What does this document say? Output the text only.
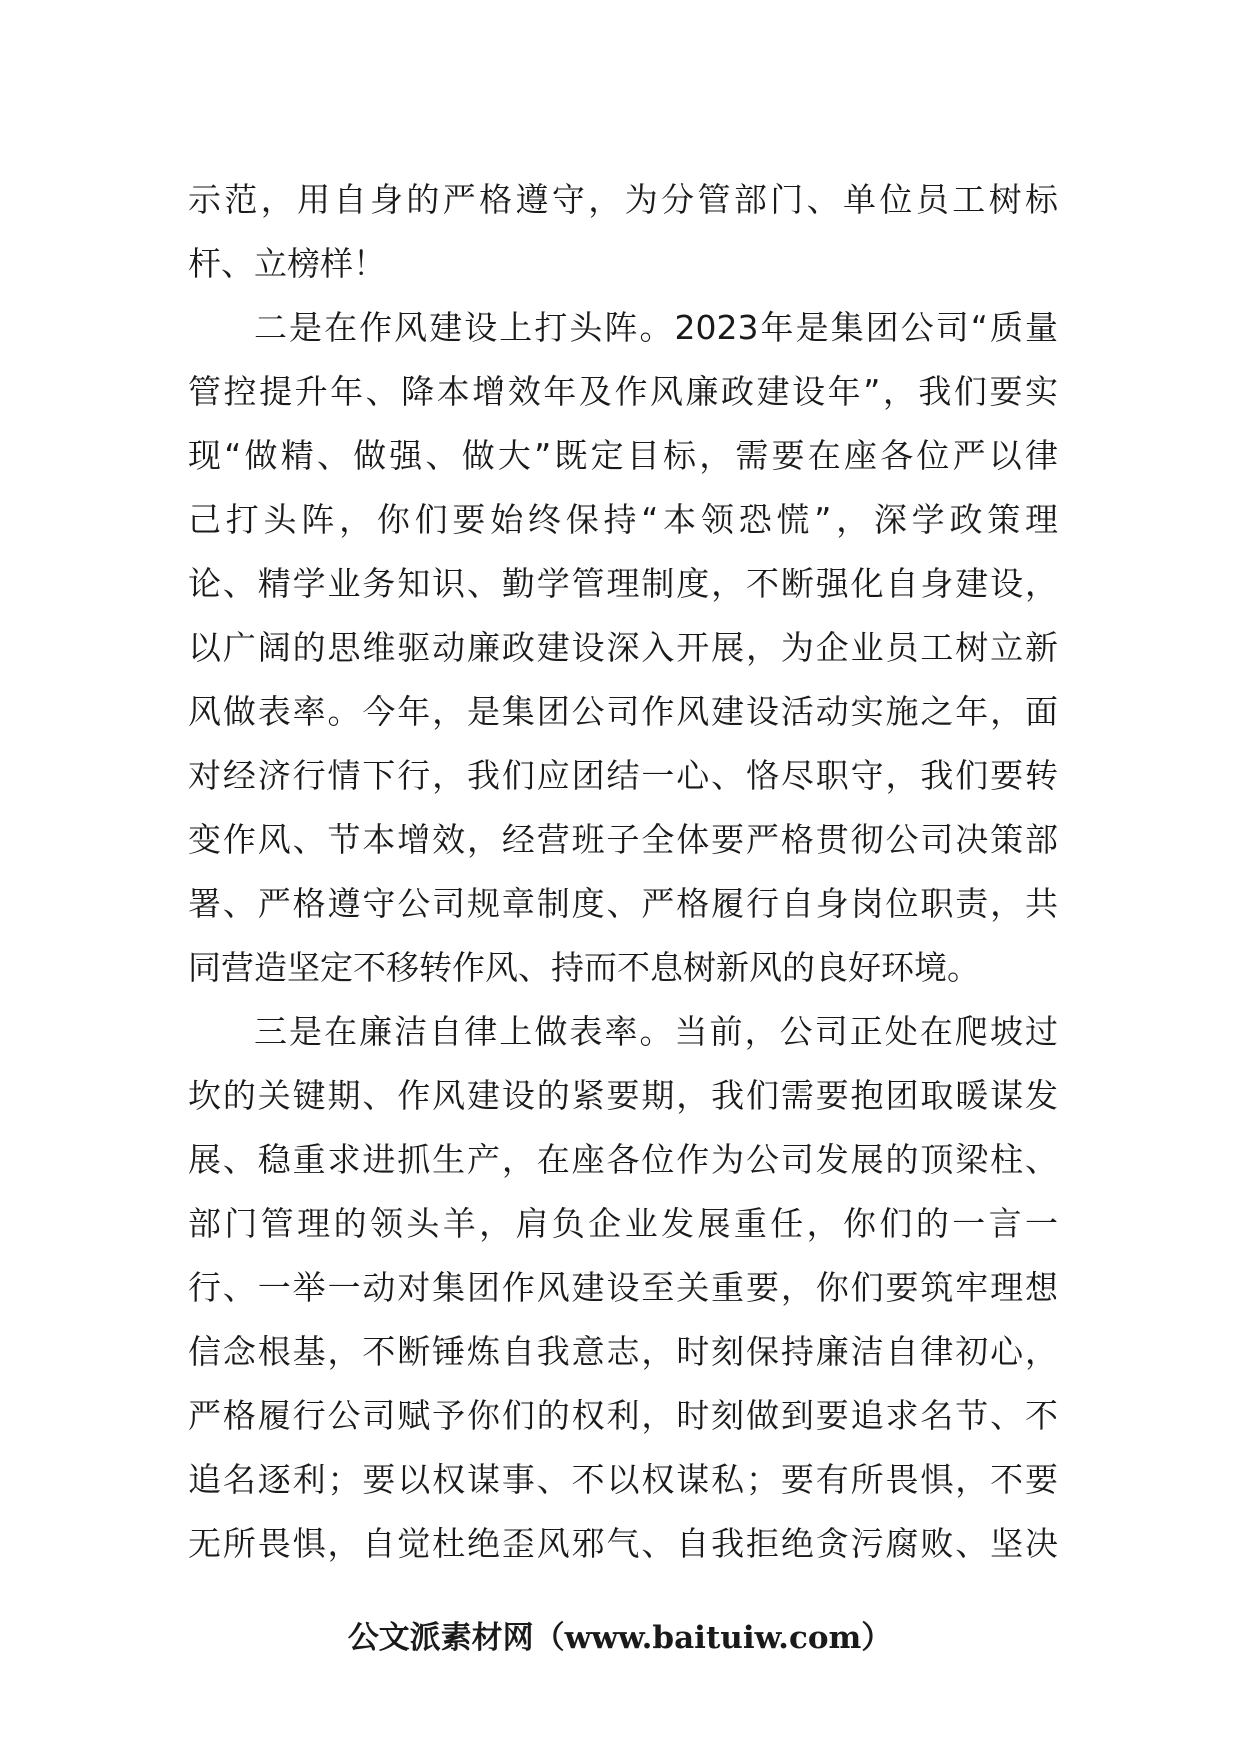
示范，用自身的严格遵守，为分管部门、单位员工树标
杆、立榜样！
二是在作风建设上打头阵。2023年是集团公司“质量
管控提升年、降本增效年及作风廉政建设年”，我们要实
现“做精、做强、做大”既定目标，需要在座各位严以律
己打头阵，你们要始终保持“本领恐慌”，深学政策理
论、精学业务知识、勤学管理制度，不断强化自身建设，
以广阔的思维驱动廉政建设深入开展，为企业员工树立新
风做表率。今年，是集团公司作风建设活动实施之年，面
对经济行情下行，我们应团结一心、恪尽职守，我们要转
变作风、节本增效，经营班子全体要严格贯彻公司决策部
署、严格遵守公司规章制度、严格履行自身岗位职责，共
同营造坚定不移转作风、持而不息树新风的良好环境。
三是在廉洁自律上做表率。当前，公司正处在爬坡过
坎的关键期、作风建设的紧要期，我们需要抱团取暖谋发
展、稳重求进抓生产，在座各位作为公司发展的顶梁柱、
部门管理的领头羊，肩负企业发展重任，你们的一言一
行、一举一动对集团作风建设至关重要，你们要筑牢理想
信念根基，不断锤炼自我意志，时刻保持廉洁自律初心，
严格履行公司赋予你们的权利，时刻做到要追求名节、不
追名逐利；要以权谋事、不以权谋私；要有所畏惧，不要
无所畏惧，自觉杜绝歪风邪气、自我拒绝贪污腐败、坚决
公文派素材网（www.baituiw.com）
